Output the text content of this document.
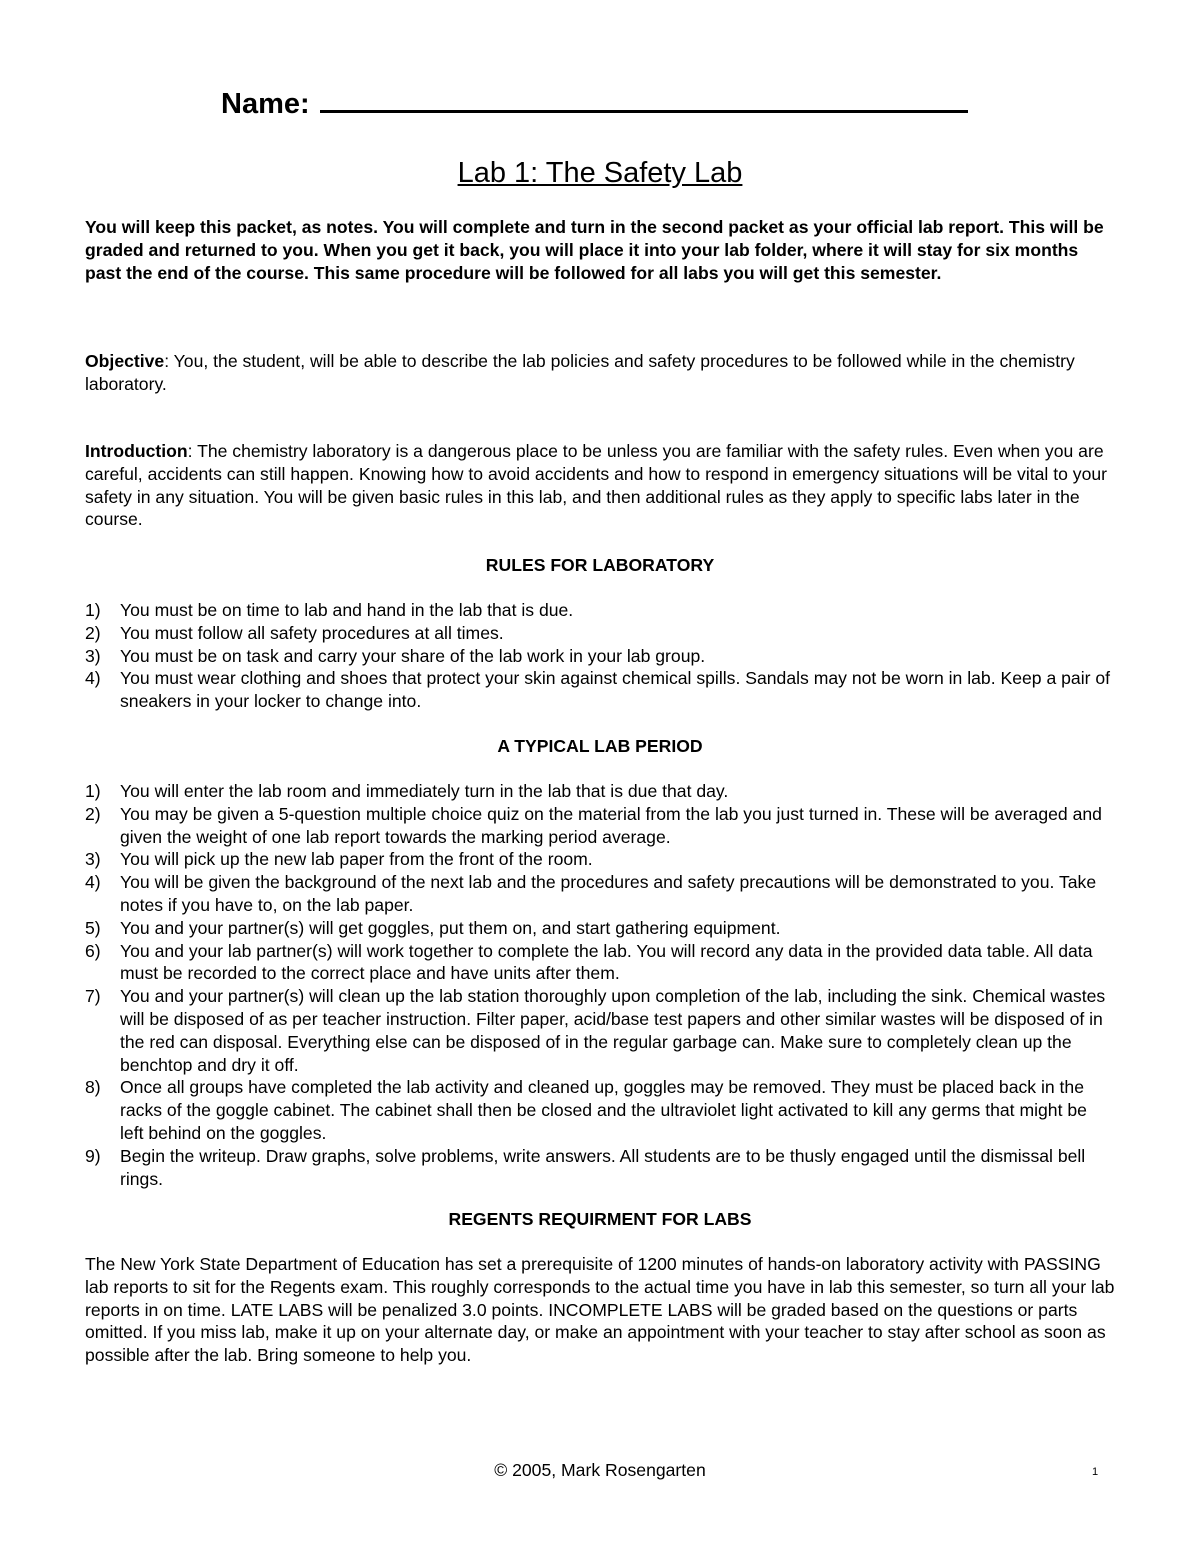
Name:
Lab 1: The Safety Lab
You will keep this packet, as notes. You will complete and turn in the second packet as your official lab report. This will be graded and returned to you. When you get it back, you will place it into your lab folder, where it will stay for six months past the end of the course. This same procedure will be followed for all labs you will get this semester.
Objective: You, the student, will be able to describe the lab policies and safety procedures to be followed while in the chemistry laboratory.
Introduction: The chemistry laboratory is a dangerous place to be unless you are familiar with the safety rules. Even when you are careful, accidents can still happen. Knowing how to avoid accidents and how to respond in emergency situations will be vital to your safety in any situation. You will be given basic rules in this lab, and then additional rules as they apply to specific labs later in the course.
RULES FOR LABORATORY
1) You must be on time to lab and hand in the lab that is due.
2) You must follow all safety procedures at all times.
3) You must be on task and carry your share of the lab work in your lab group.
4) You must wear clothing and shoes that protect your skin against chemical spills. Sandals may not be worn in lab. Keep a pair of sneakers in your locker to change into.
A TYPICAL LAB PERIOD
1) You will enter the lab room and immediately turn in the lab that is due that day.
2) You may be given a 5-question multiple choice quiz on the material from the lab you just turned in. These will be averaged and given the weight of one lab report towards the marking period average.
3) You will pick up the new lab paper from the front of the room.
4) You will be given the background of the next lab and the procedures and safety precautions will be demonstrated to you. Take notes if you have to, on the lab paper.
5) You and your partner(s) will get goggles, put them on, and start gathering equipment.
6) You and your lab partner(s) will work together to complete the lab. You will record any data in the provided data table. All data must be recorded to the correct place and have units after them.
7) You and your partner(s) will clean up the lab station thoroughly upon completion of the lab, including the sink. Chemical wastes will be disposed of as per teacher instruction. Filter paper, acid/base test papers and other similar wastes will be disposed of in the red can disposal. Everything else can be disposed of in the regular garbage can. Make sure to completely clean up the benchtop and dry it off.
8) Once all groups have completed the lab activity and cleaned up, goggles may be removed. They must be placed back in the racks of the goggle cabinet. The cabinet shall then be closed and the ultraviolet light activated to kill any germs that might be left behind on the goggles.
9) Begin the writeup. Draw graphs, solve problems, write answers. All students are to be thusly engaged until the dismissal bell rings.
REGENTS REQUIRMENT FOR LABS
The New York State Department of Education has set a prerequisite of 1200 minutes of hands-on laboratory activity with PASSING lab reports to sit for the Regents exam. This roughly corresponds to the actual time you have in lab this semester, so turn all your lab reports in on time. LATE LABS will be penalized 3.0 points. INCOMPLETE LABS will be graded based on the questions or parts omitted. If you miss lab, make it up on your alternate day, or make an appointment with your teacher to stay after school as soon as possible after the lab. Bring someone to help you.
© 2005, Mark Rosengarten	1
